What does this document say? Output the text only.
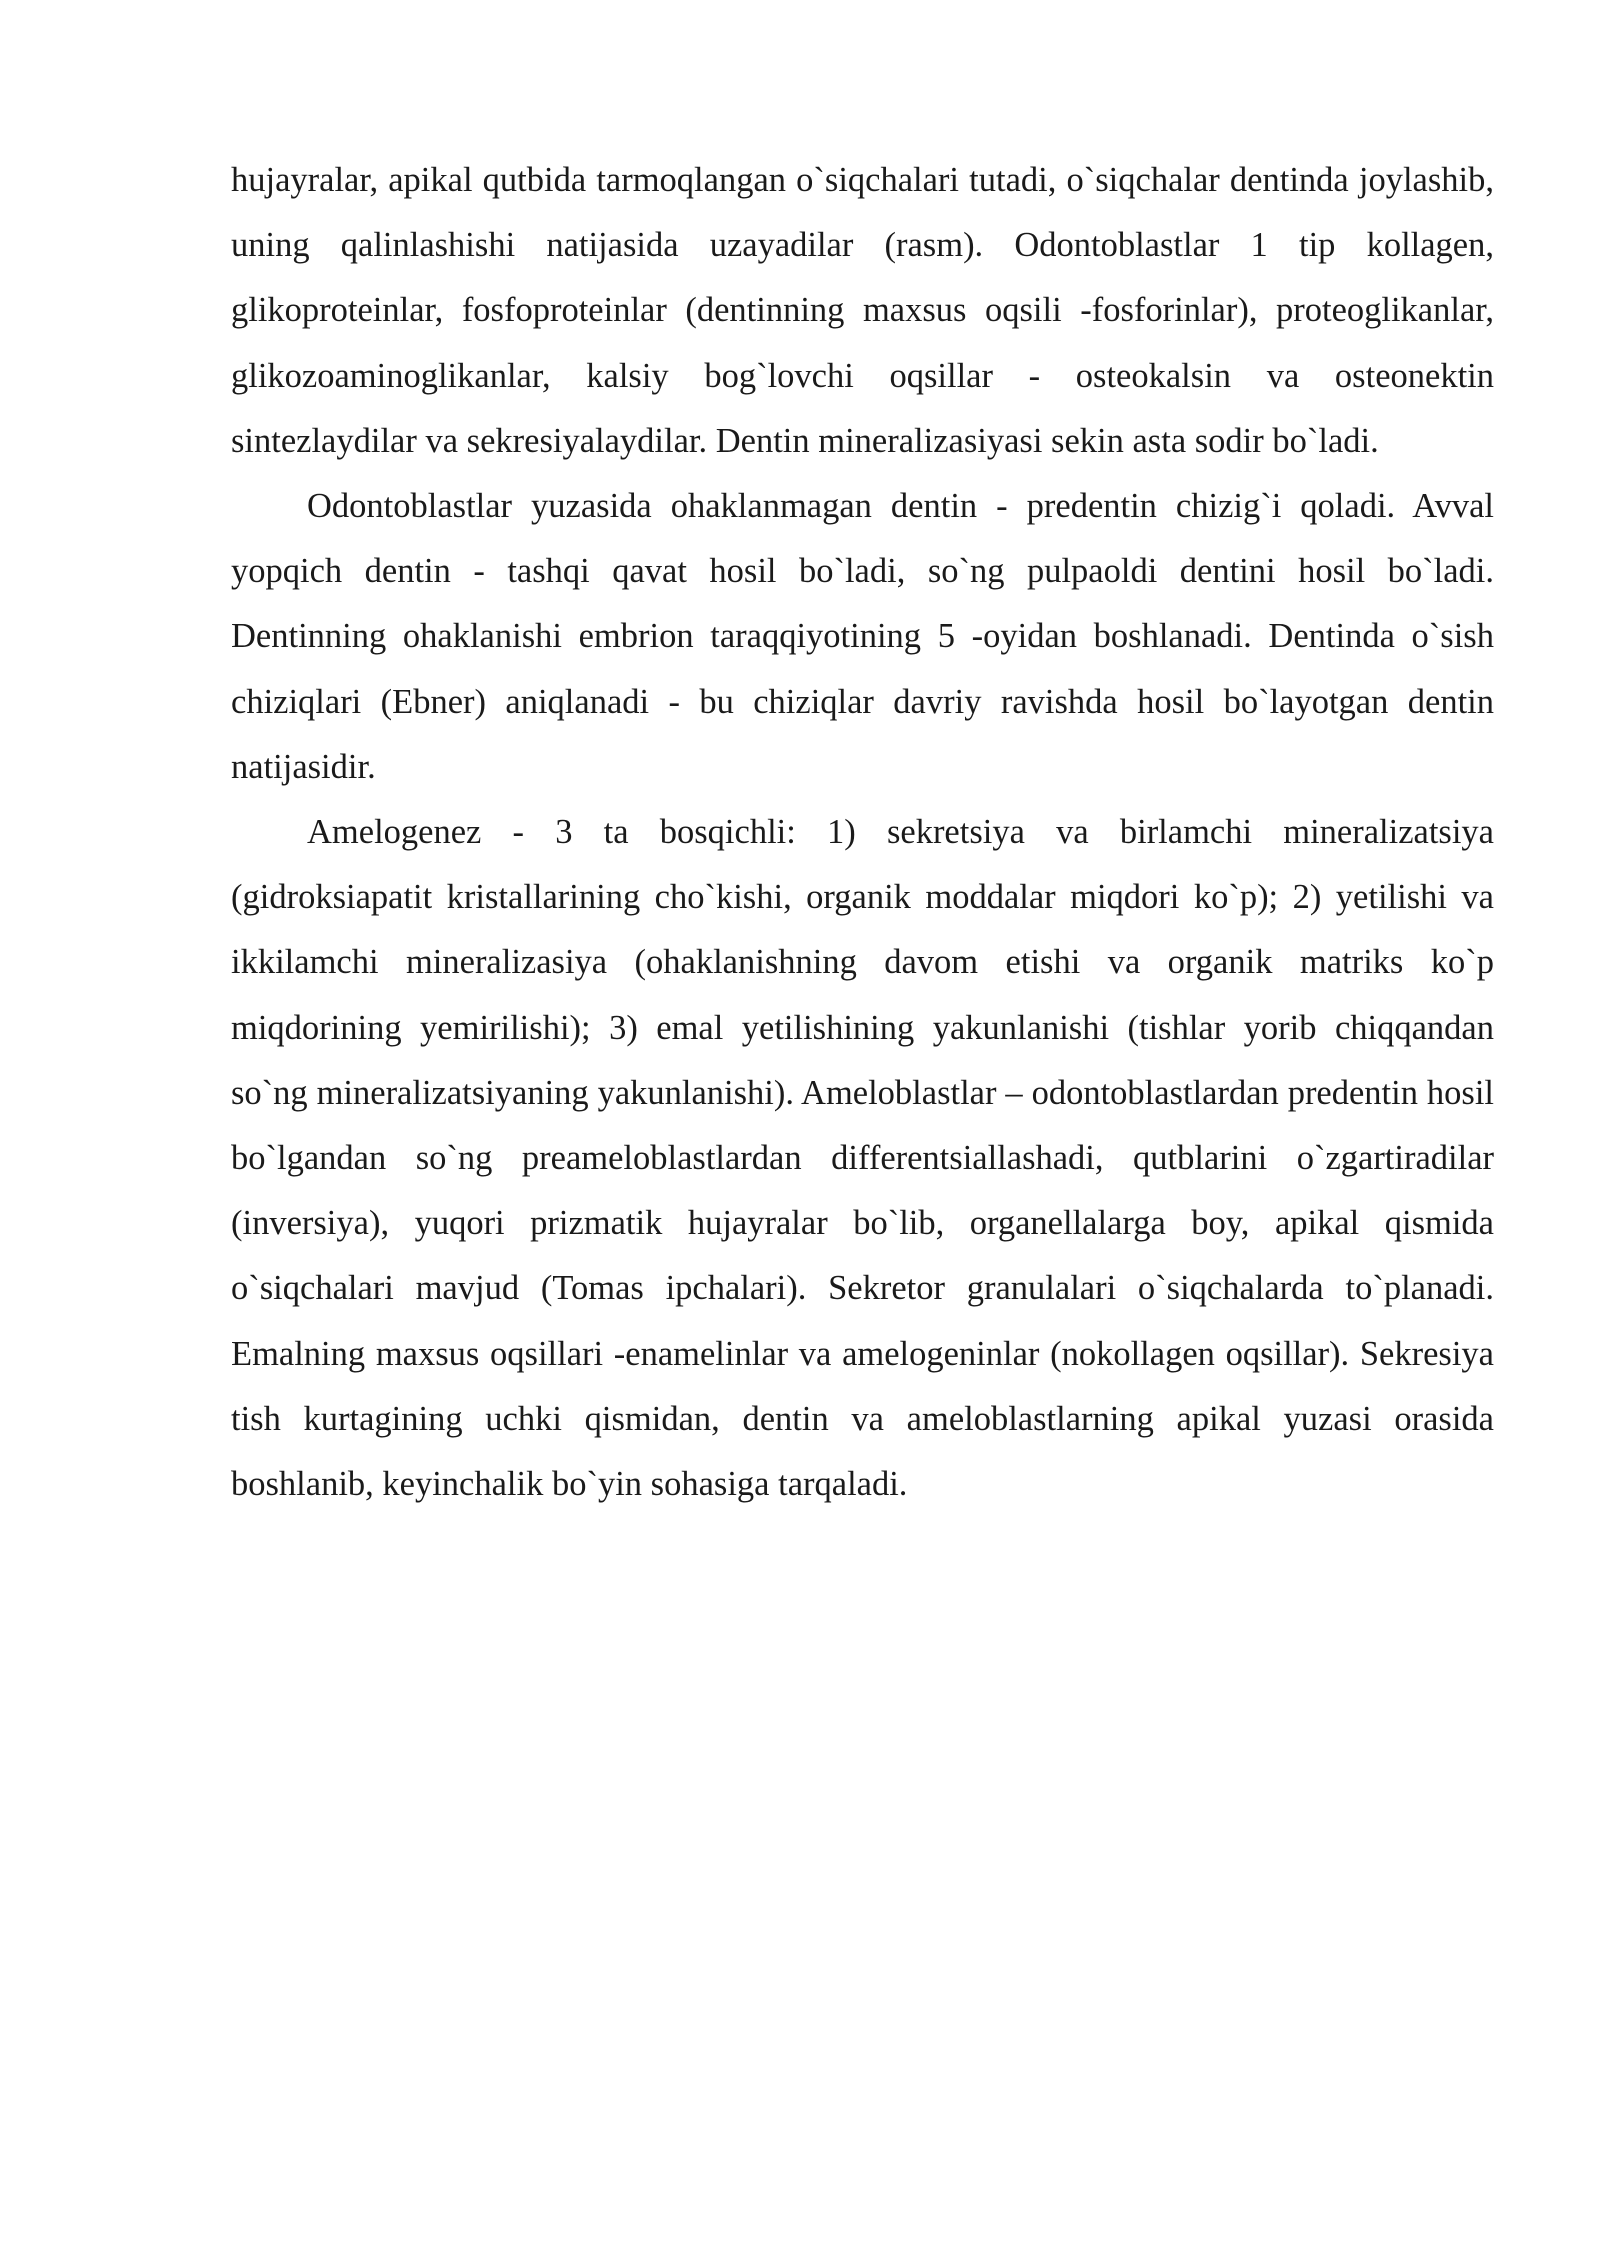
hujayralar, apikal qutbida tarmoqlangan o`siqchalari tutadi, o`siqchalar dentinda joylashib, uning qalinlashishi natijasida uzayadilar (rasm). Odontoblastlar 1 tip kollagen, glikoproteinlar, fosfoproteinlar (dentinning maxsus oqsili -fosforinlar), proteoglikanlar, glikozoaminoglikanlar, kalsiy bog`lovchi oqsillar - osteokalsin va osteonektin sintezlaydilar va sekresiyalaydilar. Dentin mineralizasiyasi sekin asta sodir bo`ladi.

Odontoblastlar yuzasida ohaklanmagan dentin - predentin chizig`i qoladi. Avval yopqich dentin - tashqi qavat hosil bo`ladi, so`ng pulpaoldi dentini hosil bo`ladi. Dentinning ohaklanishi embrion taraqqiyotining 5 -oyidan boshlanadi. Dentinda o`sish chiziqlari (Ebner) aniqlanadi - bu chiziqlar davriy ravishda hosil bo`layotgan dentin natijasidir.

Amelogenez - 3 ta bosqichli: 1) sekretsiya va birlamchi mineralizatsiya (gidroksiapatit kristallarining cho`kishi, organik moddalar miqdori ko`p); 2) yetilishi va ikkilamchi mineralizasiya (ohaklanishning davom etishi va organik matriks ko`p miqdorining yemirilishi); 3) emal yetilishining yakunlanishi (tishlar yorib chiqqandan so`ng mineralizatsiyaning yakunlanishi). Ameloblastlar – odontoblastlardan predentin hosil bo`lgandan so`ng preameloblastlardan differentsiallashadi, qutblarini o`zgartiradilar (inversiya), yuqori prizmatik hujayralar bo`lib, organellalarga boy, apikal qismida o`siqchalari mavjud (Tomas ipchalari). Sekretor granulalari o`siqchalarda to`planadi. Emalning maxsus oqsillari -enamelinlar va amelogeninlar (nokollagen oqsillar). Sekresiya tish kurtagining uchki qismidan, dentin va ameloblastlarning apikal yuzasi orasida boshlanib, keyinchalik bo`yin sohasiga tarqaladi.
